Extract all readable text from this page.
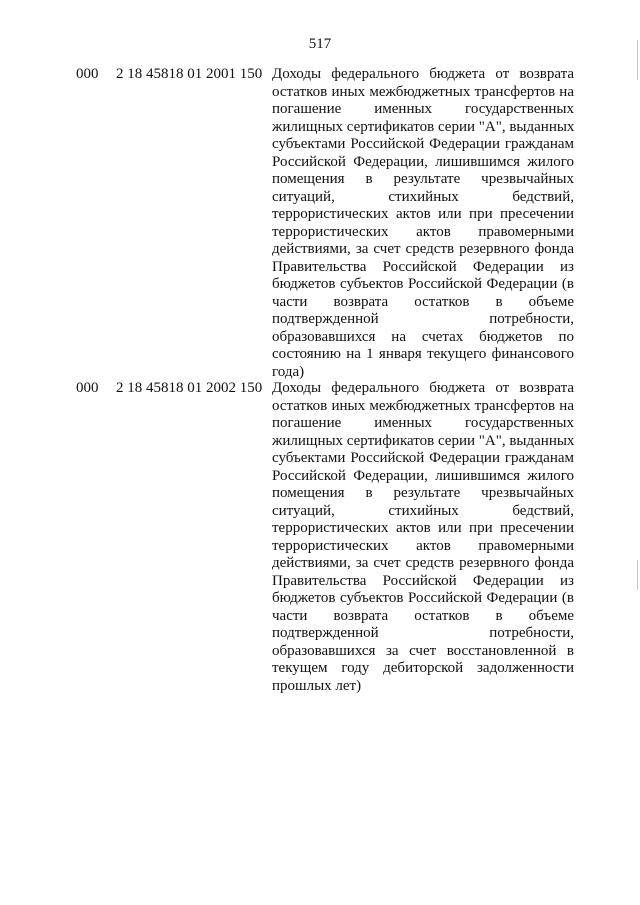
517
000 2 18 45818 01 2001 150 Доходы федерального бюджета от возврата
остатков иных межбюджетных трансфертов на
погашение именных государственных
жилищных сертификатов серии "А", выданных
субъектами Российской Федерации гражданам
Российской Федерации, лишившимся жилого
помещения в результате чрезвычайных
ситуаций, стихийных бедствий,
террористических актов или при пресечении
террористических актов правомерными
действиями, за счет средств резервного фонда
Правительства Российской Федерации из
бюджетов субъектов Российской Федерации (в
части возврата остатков в объеме
подтвержденной потребности,
образовавшихся на счетах бюджетов по
состоянию на 1 января текущего финансового
года)
000 2 18 45818 01 2002 150 Доходы федерального бюджета от возврата
остатков иных межбюджетных трансфертов на
погашение именных государственных
жилищных сертификатов серии "А", выданных
субъектами Российской Федерации гражданам
Российской Федерации, лишившимся жилого
помещения в результате чрезвычайных
ситуаций, стихийных бедствий,
террористических актов или при пресечении
террористических актов правомерными
действиями, за счет средств резервного фонда
Правительства Российской Федерации из
бюджетов субъектов Российской Федерации (в
части возврата остатков в объеме
подтвержденной потребности,
образовавшихся за счет восстановленной в
текущем году дебиторской задолженности
прошлых лет)
